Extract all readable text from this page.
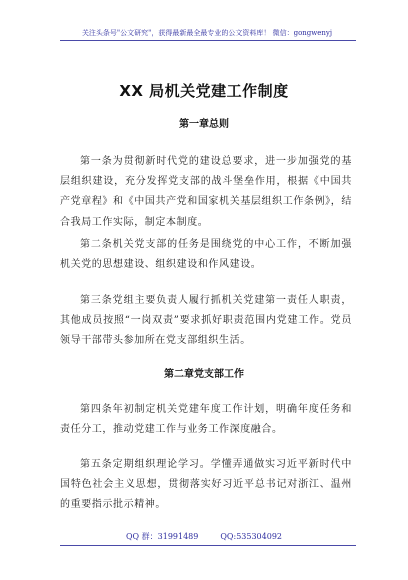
关注头条号"公文研究"，获得最新最全最专业的公文资料库！ 微信：gongwenyj
XX 局机关党建工作制度
第一章总则
第一条为贯彻新时代党的建设总要求，进一步加强党的基层组织建设，充分发挥党支部的战斗堡垒作用，根据《中国共产党章程》和《中国共产党和国家机关基层组织工作条例》，结合我局工作实际，制定本制度。
第二条机关党支部的任务是围绕党的中心工作，不断加强机关党的思想建设、组织建设和作风建设。
第三条党组主要负责人履行抓机关党建第一责任人职责，其他成员按照“一岗双责”要求抓好职责范围内党建工作。党员领导干部带头参加所在党支部组织生活。
第二章党支部工作
第四条年初制定机关党建年度工作计划，明确年度任务和责任分工，推动党建工作与业务工作深度融合。
第五条定期组织理论学习。学懂弄通做实习近平新时代中国特色社会主义思想，贯彻落实好习近平总书记对浙江、温州的重要指示批示精神。
QQ 群：31991489	QQ:535304092
